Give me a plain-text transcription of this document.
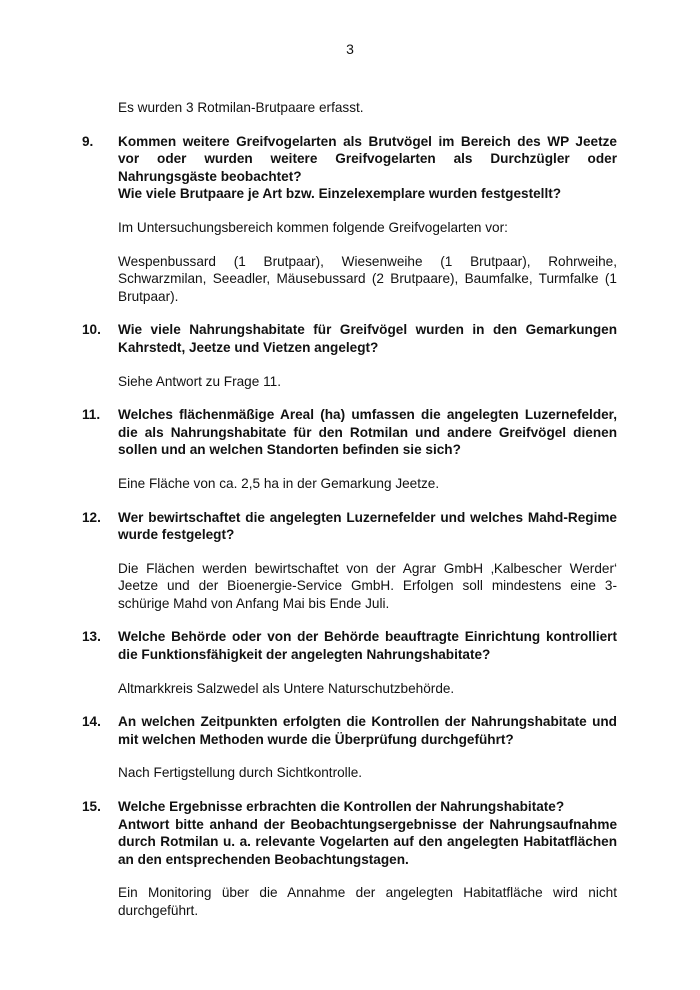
3
Es wurden 3 Rotmilan-Brutpaare erfasst.
9.	Kommen weitere Greifvogelarten als Brutvögel im Bereich des WP Jeetze vor oder wurden weitere Greifvogelarten als Durchzügler oder Nahrungsgäste beobachtet?
Wie viele Brutpaare je Art bzw. Einzelexemplare wurden festgestellt?
Im Untersuchungsbereich kommen folgende Greifvogelarten vor:
Wespenbussard (1 Brutpaar), Wiesenweihe (1 Brutpaar), Rohrweihe, Schwarzmilan, Seeadler, Mäusebussard (2 Brutpaare), Baumfalke, Turmfalke (1 Brutpaar).
10.	Wie viele Nahrungshabitate für Greifvögel wurden in den Gemarkungen Kahrstedt, Jeetze und Vietzen angelegt?
Siehe Antwort zu Frage 11.
11.	Welches flächenmäßige Areal (ha) umfassen die angelegten Luzernefelder, die als Nahrungshabitate für den Rotmilan und andere Greifvögel dienen sollen und an welchen Standorten befinden sie sich?
Eine Fläche von ca. 2,5 ha in der Gemarkung Jeetze.
12.	Wer bewirtschaftet die angelegten Luzernefelder und welches Mahd-Regime wurde festgelegt?
Die Flächen werden bewirtschaftet von der Agrar GmbH ‚Kalbescher Werder‘ Jeetze und der Bioenergie-Service GmbH. Erfolgen soll mindestens eine 3-schürige Mahd von Anfang Mai bis Ende Juli.
13.	Welche Behörde oder von der Behörde beauftragte Einrichtung kontrolliert die Funktionsfähigkeit der angelegten Nahrungshabitate?
Altmarkkreis Salzwedel als Untere Naturschutzbehörde.
14.	An welchen Zeitpunkten erfolgten die Kontrollen der Nahrungshabitate und mit welchen Methoden wurde die Überprüfung durchgeführt?
Nach Fertigstellung durch Sichtkontrolle.
15.	Welche Ergebnisse erbrachten die Kontrollen der Nahrungshabitate?
Antwort bitte anhand der Beobachtungsergebnisse der Nahrungsaufnahme durch Rotmilan u. a. relevante Vogelarten auf den angelegten Habitatflächen an den entsprechenden Beobachtungstagen.
Ein Monitoring über die Annahme der angelegten Habitatfläche wird nicht durchgeführt.
